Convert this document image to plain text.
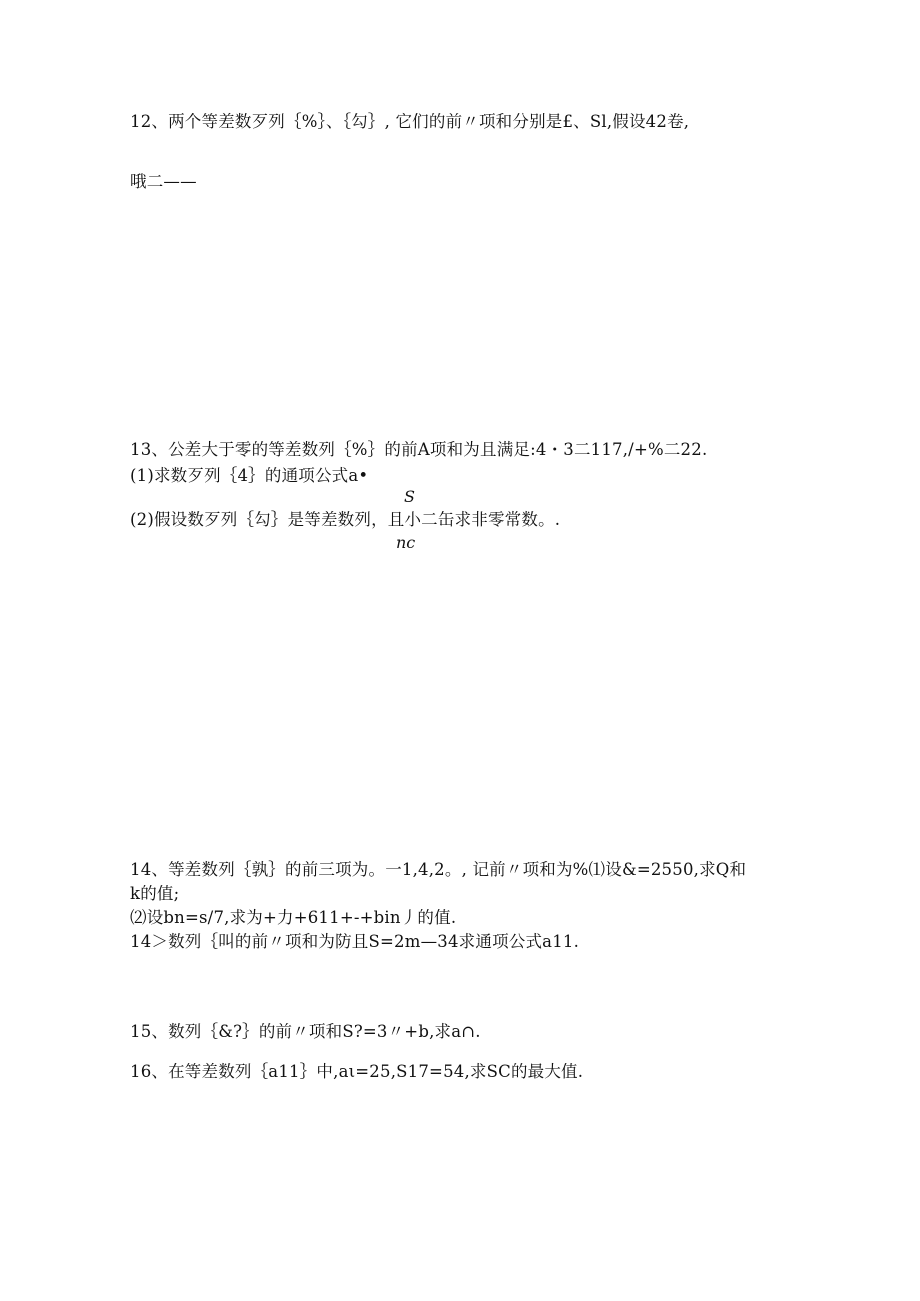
12、两个等差数歹列｛%｝、｛勾｝, 它们的前〃项和分别是£、Sl,假设42卷,
哦二——
13、公差大于零的等差数列｛%｝的前A项和为且满足:4・3二117,/+%二22.
(1)求数歹列｛4｝的通项公式a•
S
(2)假设数歹列｛勾｝是等差数列，且小二缶求非零常数。.
nc
14、等差数列｛孰｝的前三项为。一1,4,2。, 记前〃项和为%⑴设&=2550,求Q和
k的值;
⑵设bn=s/7,求为+力+611+-+bin丿的值.
14＞数列｛叫的前〃项和为防且S=2m—34求通项公式a11.
15、数列｛&?｝的前〃项和S?=3〃+b,求a∩.
16、在等差数列｛a11｝中,aι=25,S17=54,求SC的最大值.
